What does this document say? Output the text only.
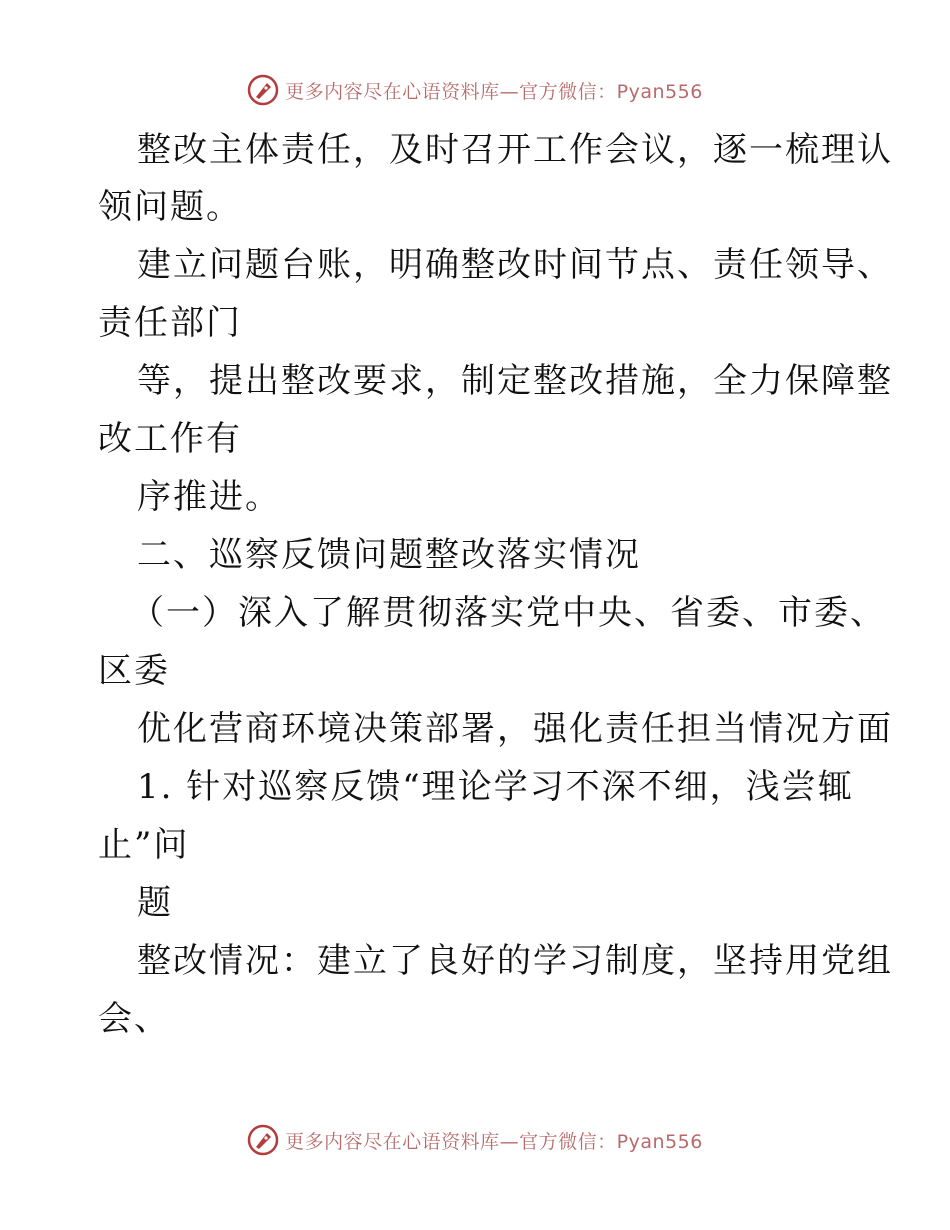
更多内容尽在心语资料库—官方微信：Pyan556
整改主体责任，及时召开工作会议，逐一梳理认
领问题。
建立问题台账，明确整改时间节点、责任领导、
责任部门
等，提出整改要求，制定整改措施，全力保障整
改工作有
序推进。
二、巡察反馈问题整改落实情况
（一）深入了解贯彻落实党中央、省委、市委、
区委
优化营商环境决策部署，强化责任担当情况方面
1. 针对巡察反馈“理论学习不深不细，浅尝辄
止”问
题
整改情况：建立了良好的学习制度，坚持用党组
会、
更多内容尽在心语资料库—官方微信：Pyan556
